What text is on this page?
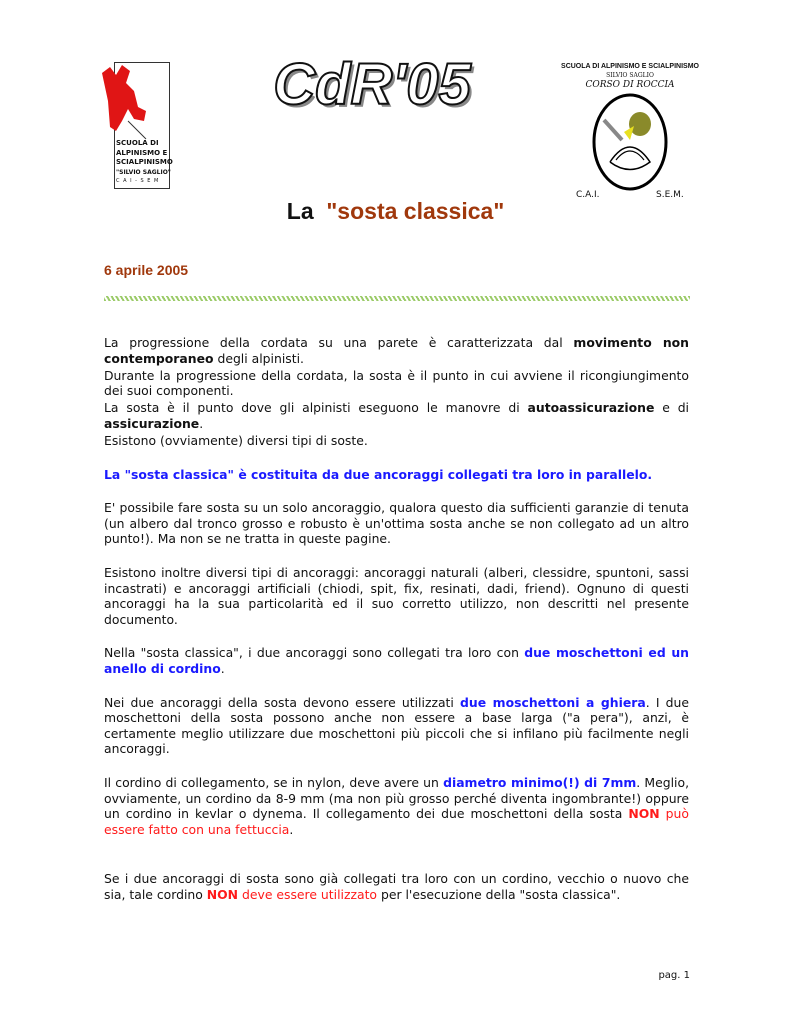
SCUOLA DI
ALPINISMO E
SCIALPINISMO
"SILVIO SAGLIO"
C A I - S E M
CdR'05	SCUOLA DI ALPINISMO E SCIALPINISMO
SILVIO SAGLIO
CORSO DI ROCCIA
C.A.I.	S.E.M.
La "sosta classica"
6 aprile 2005

La progressione della cordata su una parete è caratterizzata dal movimento non contemporaneo degli alpinisti.

Durante la progressione della cordata, la sosta è il punto in cui avviene il ricongiungimento dei suoi componenti.

La sosta è il punto dove gli alpinisti eseguono le manovre di autoassicurazione e di assicurazione.

Esistono (ovviamente) diversi tipi di soste.

La "sosta classica" è costituita da due ancoraggi collegati tra loro in parallelo.

E' possibile fare sosta su un solo ancoraggio, qualora questo dia sufficienti garanzie di tenuta (un albero dal tronco grosso e robusto è un'ottima sosta anche se non collegato ad un altro punto!). Ma non se ne tratta in queste pagine.

Esistono inoltre diversi tipi di ancoraggi: ancoraggi naturali (alberi, clessidre, spuntoni, sassi incastrati) e ancoraggi artificiali (chiodi, spit, fix, resinati, dadi, friend). Ognuno di questi ancoraggi ha la sua particolarità ed il suo corretto utilizzo, non descritti nel presente documento.

Nella "sosta classica", i due ancoraggi sono collegati tra loro con due moschettoni ed un anello di cordino.

Nei due ancoraggi della sosta devono essere utilizzati due moschettoni a ghiera. I due moschettoni della sosta possono anche non essere a base larga ("a pera"), anzi, è certamente meglio utilizzare due moschettoni più piccoli che si infilano più facilmente negli ancoraggi.

Il cordino di collegamento, se in nylon, deve avere un diametro minimo(!) di 7mm. Meglio, ovviamente, un cordino da 8-9 mm (ma non più grosso perché diventa ingombrante!) oppure un cordino in kevlar o dynema. Il collegamento dei due moschettoni della sosta NON può essere fatto con una fettuccia.

Se i due ancoraggi di sosta sono già collegati tra loro con un cordino, vecchio o nuovo che sia, tale cordino NON deve essere utilizzato per l'esecuzione della "sosta classica".

pag. 1
